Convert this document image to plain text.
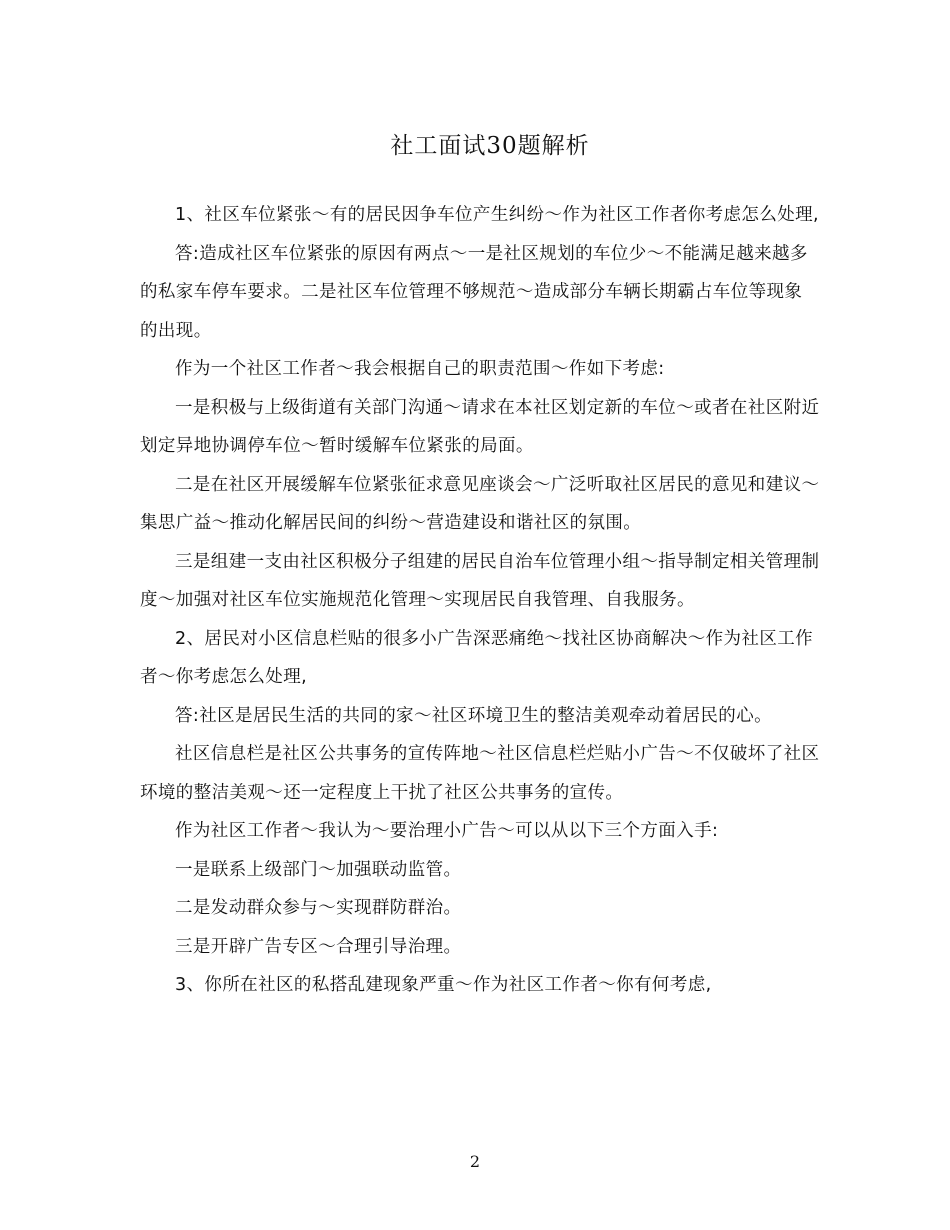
社工面试30题解析

1、社区车位紧张～有的居民因争车位产生纠纷～作为社区工作者你考虑怎么处理,

答:造成社区车位紧张的原因有两点～一是社区规划的车位少～不能满足越来越多的私家车停车要求。二是社区车位管理不够规范～造成部分车辆长期霸占车位等现象的出现。

作为一个社区工作者～我会根据自己的职责范围～作如下考虑:

一是积极与上级街道有关部门沟通～请求在本社区划定新的车位～或者在社区附近划定异地协调停车位～暂时缓解车位紧张的局面。

二是在社区开展缓解车位紧张征求意见座谈会～广泛听取社区居民的意见和建议～集思广益～推动化解居民间的纠纷～营造建设和谐社区的氛围。

三是组建一支由社区积极分子组建的居民自治车位管理小组～指导制定相关管理制度～加强对社区车位实施规范化管理～实现居民自我管理、自我服务。

2、居民对小区信息栏贴的很多小广告深恶痛绝～找社区协商解决～作为社区工作者～你考虑怎么处理,

答:社区是居民生活的共同的家～社区环境卫生的整洁美观牵动着居民的心。

社区信息栏是社区公共事务的宣传阵地～社区信息栏烂贴小广告～不仅破坏了社区环境的整洁美观～还一定程度上干扰了社区公共事务的宣传。

作为社区工作者～我认为～要治理小广告～可以从以下三个方面入手:

一是联系上级部门～加强联动监管。

二是发动群众参与～实现群防群治。

三是开辟广告专区～合理引导治理。

3、你所在社区的私搭乱建现象严重～作为社区工作者～你有何考虑,

2
